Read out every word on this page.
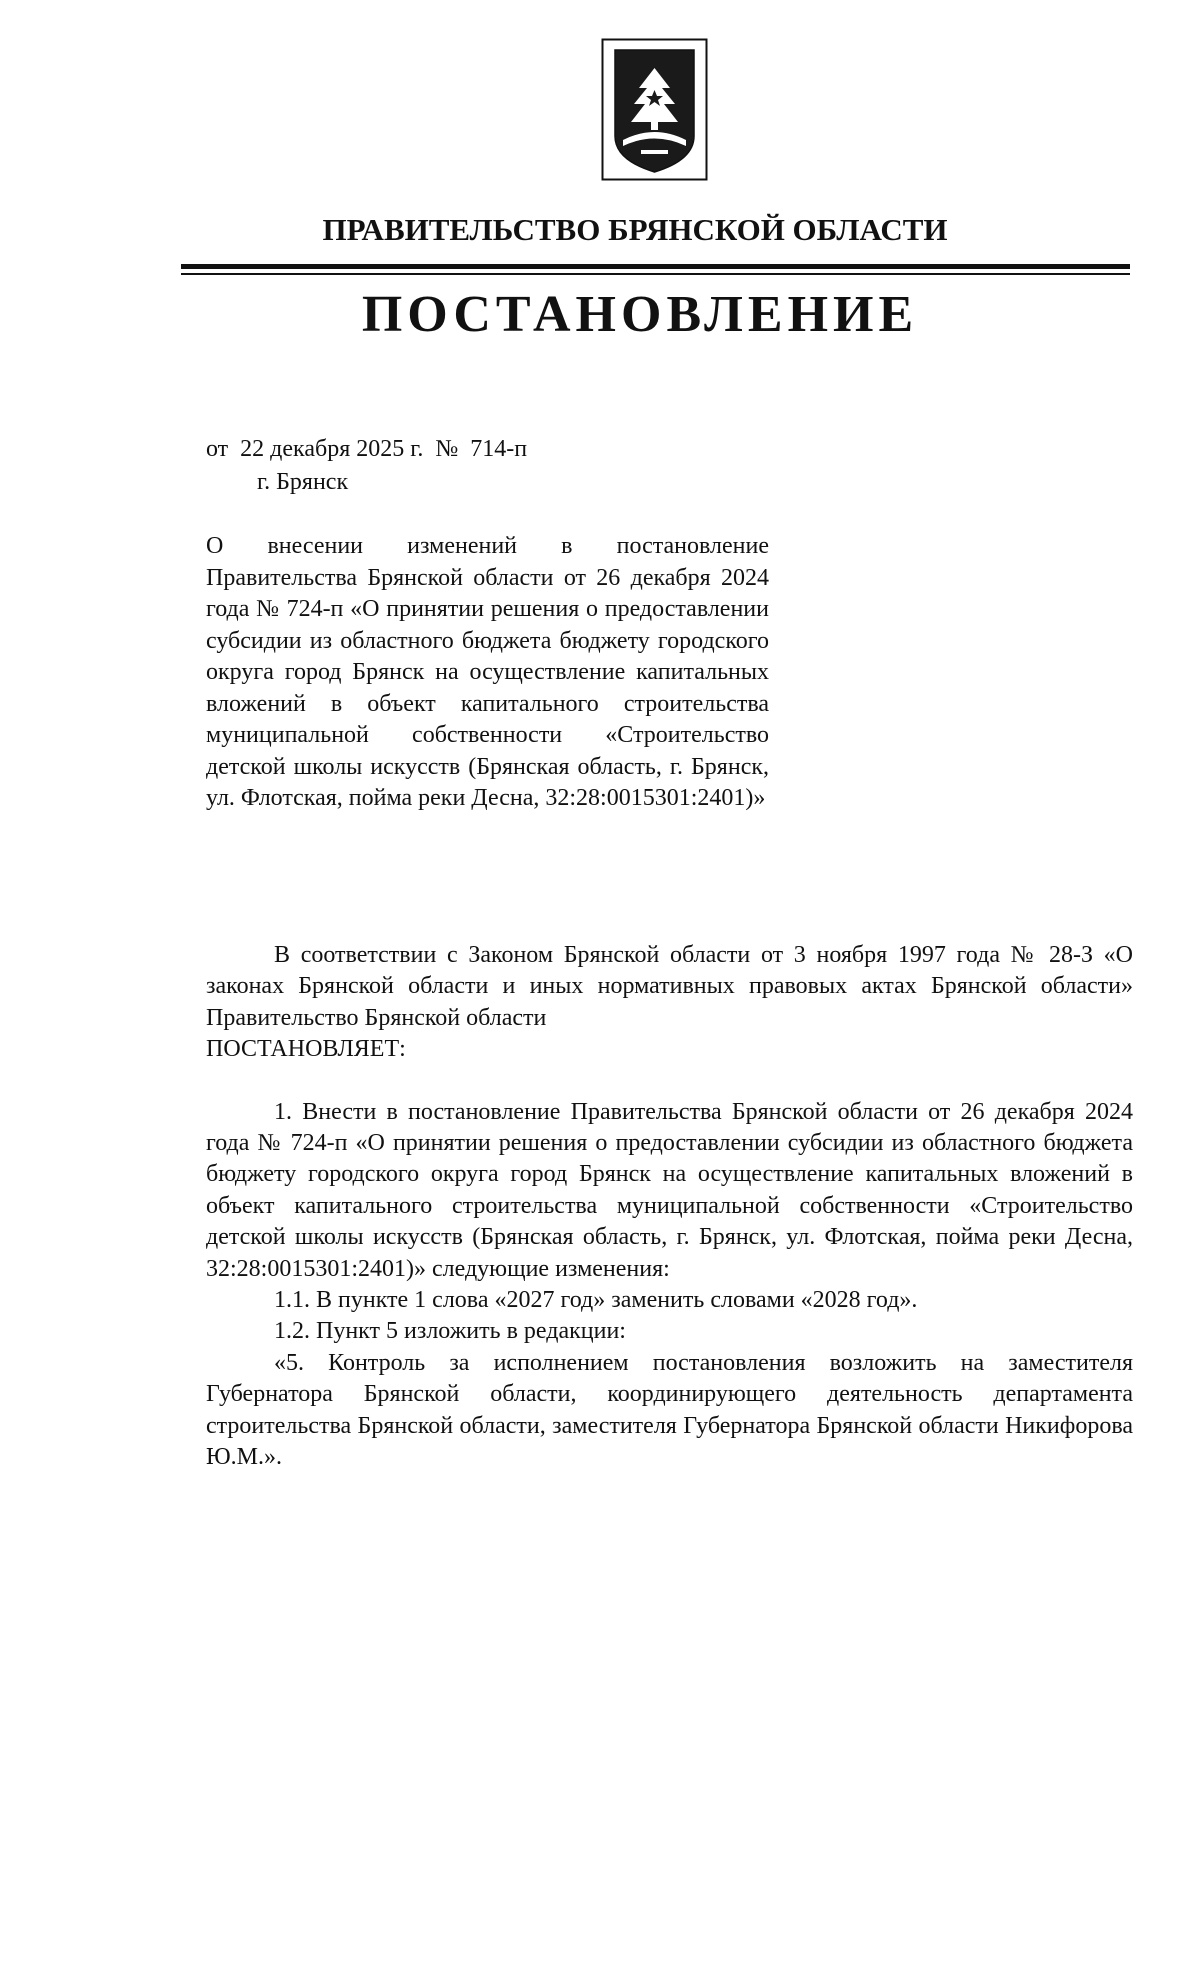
ПРАВИТЕЛЬСТВО БРЯНСКОЙ ОБЛАСТИ
ПОСТАНОВЛЕНИЕ
от  22 декабря 2025 г.  №  714-п
г. Брянск
О внесении изменений в постановление Правительства Брянской области от 26 декабря 2024 года № 724-п «О принятии решения о предоставлении субсидии из областного бюджета бюджету городского округа город Брянск на осуществление капитальных вложений в объект капитального строительства муниципальной собственности «Строительство детской школы искусств (Брянская область, г. Брянск, ул. Флотская, пойма реки Десна, 32:28:0015301:2401)»

В соответствии с Законом Брянской области от 3 ноября 1997 года № 28-З «О законах Брянской области и иных нормативных правовых актах Брянской области» Правительство Брянской области

ПОСТАНОВЛЯЕТ:

1. Внести в постановление Правительства Брянской области от 26 декабря 2024 года № 724-п «О принятии решения о предоставлении субсидии из областного бюджета бюджету городского округа город Брянск на осуществление капитальных вложений в объект капитального строительства муниципальной собственности «Строительство детской школы искусств (Брянская область, г. Брянск, ул. Флотская, пойма реки Десна, 32:28:0015301:2401)» следующие изменения:

1.1. В пункте 1 слова «2027 год» заменить словами «2028 год».

1.2. Пункт 5 изложить в редакции:

«5. Контроль за исполнением постановления возложить на заместителя Губернатора Брянской области, координирующего деятельность департамента строительства Брянской области, заместителя Губернатора Брянской области Никифорова Ю.М.».
